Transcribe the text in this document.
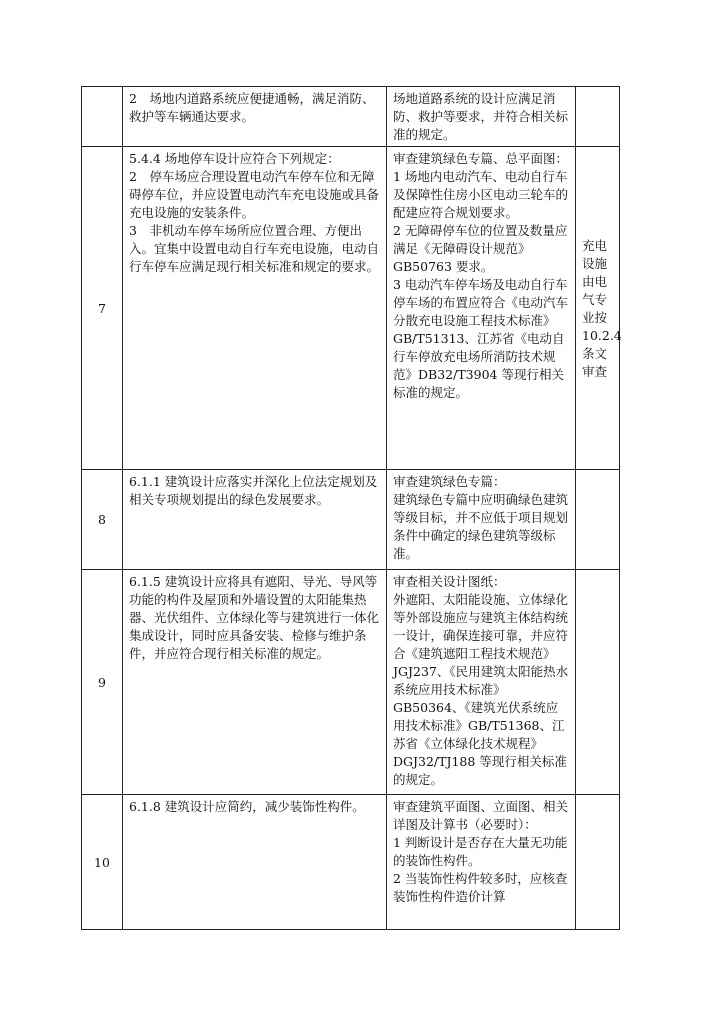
	2　场地内道路系统应便捷通畅，满足消防、救护等车辆通达要求。	场地道路系统的设计应满足消防、救护等要求，并符合相关标准的规定。	

7	5.4.4 场地停车设计应符合下列规定：
2　停车场应合理设置电动汽车停车位和无障碍停车位，并应设置电动汽车充电设施或具备充电设施的安装条件。
3　非机动车停车场所应位置合理、方便出入。宜集中设置电动自行车充电设施，电动自行车停车应满足现行相关标准和规定的要求。	审查建筑绿色专篇、总平面图：
1 场地内电动汽车、电动自行车及保障性住房小区电动三轮车的配建应符合规划要求。
2 无障碍停车位的位置及数量应满足《无障碍设计规范》GB50763 要求。
3 电动汽车停车场及电动自行车停车场的布置应符合《电动汽车分散充电设施工程技术标准》GB/T51313、江苏省《电动自行车停放充电场所消防技术规范》DB32/T3904 等现行相关标准的规定。	充电设施由电气专业按 10.2.4 条文审查
8	6.1.1 建筑设计应落实并深化上位法定规划及相关专项规划提出的绿色发展要求。	审查建筑绿色专篇：
建筑绿色专篇中应明确绿色建筑等级目标，并不应低于项目规划条件中确定的绿色建筑等级标准。	

9	6.1.5 建筑设计应将具有遮阳、导光、导风等功能的构件及屋顶和外墙设置的太阳能集热器、光伏组件、立体绿化等与建筑进行一体化集成设计，同时应具备安装、检修与维护条件，并应符合现行相关标准的规定。	审查相关设计图纸：
外遮阳、太阳能设施、立体绿化等外部设施应与建筑主体结构统一设计，确保连接可靠，并应符合《建筑遮阳工程技术规范》JGJ237、《民用建筑太阳能热水系统应用技术标准》GB50364、《建筑光伏系统应用技术标准》GB/T51368、江苏省《立体绿化技术规程》DGJ32/TJ188 等现行相关标准的规定。	

10	6.1.8 建筑设计应简约，减少装饰性构件。	审查建筑平面图、立面图、相关详图及计算书（必要时）：
1 判断设计是否存在大量无功能的装饰性构件。
2 当装饰性构件较多时，应核查装饰性构件造价计算	
